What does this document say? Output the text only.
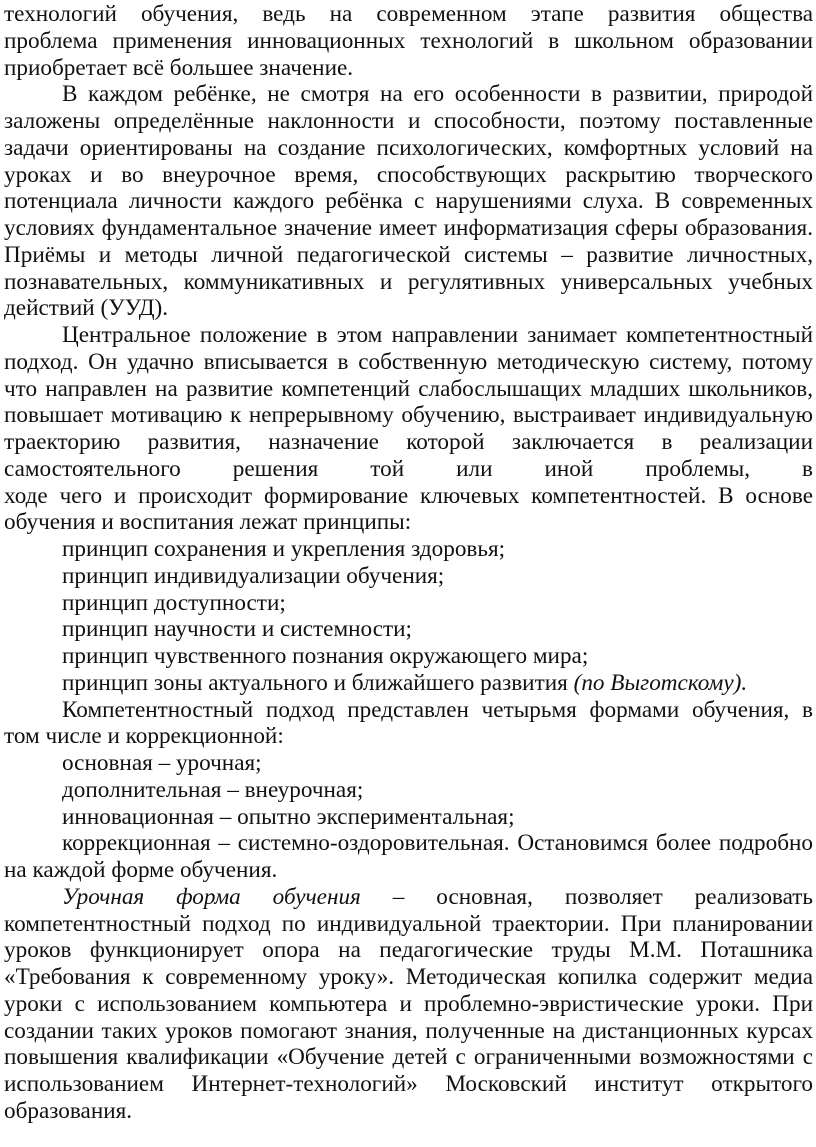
технологий обучения, ведь на современном этапе развития общества
проблема применения инновационных технологий в школьном образовании
приобретает всё большее значение.
В каждом ребёнке, не смотря на его особенности в развитии, природой
заложены определённые наклонности и способности, поэтому поставленные
задачи ориентированы на создание психологических, комфортных условий на
уроках и во внеурочное время, способствующих раскрытию творческого
потенциала личности каждого ребёнка с нарушениями слуха. В современных
условиях фундаментальное значение имеет информатизация сферы образования.
Приёмы и методы личной педагогической системы – развитие личностных,
познавательных, коммуникативных и регулятивных универсальных учебных
действий (УУД).
Центральное положение в этом направлении занимает компетентностный
подход. Он удачно вписывается в собственную методическую систему, потому
что направлен на развитие компетенций слабослышащих младших школьников,
повышает мотивацию к непрерывному обучению, выстраивает индивидуальную
траекторию развития, назначение которой заключается в реализации
самостоятельного решения той или иной проблемы, в
ходе чего и происходит формирование ключевых компетентностей. В основе
обучения и воспитания лежат принципы:
принцип сохранения и укрепления здоровья;
принцип индивидуализации обучения;
принцип доступности;
принцип научности и системности;
принцип чувственного познания окружающего мира;
принцип зоны актуального и ближайшего развития (по Выготскому).
Компетентностный подход представлен четырьмя формами обучения, в
том числе и коррекционной:
основная – урочная;
дополнительная – внеурочная;
инновационная – опытно экспериментальная;
коррекционная – системно-оздоровительная. Остановимся более подробно
на каждой форме обучения.
Урочная форма обучения – основная, позволяет реализовать
компетентностный подход по индивидуальной траектории. При планировании
уроков функционирует опора на педагогические труды М.М. Поташника
«Требования к современному уроку». Методическая копилка содержит медиа
уроки с использованием компьютера и проблемно-эвристические уроки. При
создании таких уроков помогают знания, полученные на дистанционных курсах
повышения квалификации «Обучение детей с ограниченными возможностями с
использованием Интернет-технологий» Московский институт открытого
образования.
